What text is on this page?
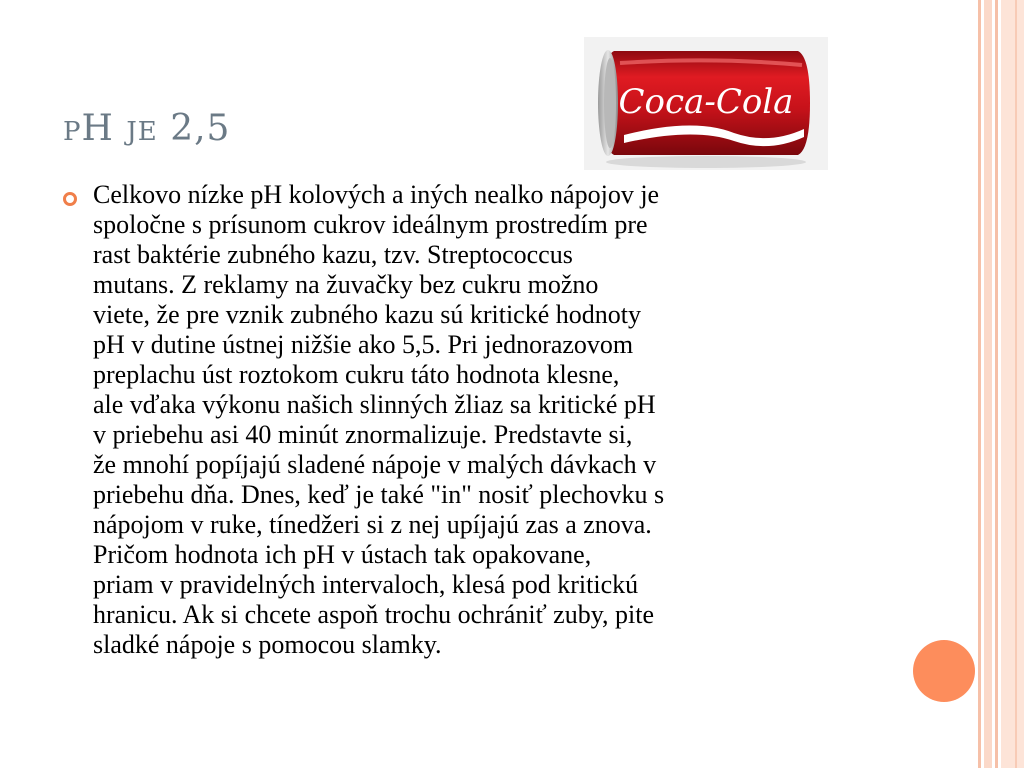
PH JE 2,5
Coca-Cola

Celkovo nízke pH kolových a iných nealko nápojov je
spoločne s prísunom cukrov ideálnym prostredím pre
rast baktérie zubného kazu, tzv. Streptococcus
mutans. Z reklamy na žuvačky bez cukru možno
viete, že pre vznik zubného kazu sú kritické hodnoty
pH v dutine ústnej nižšie ako 5,5. Pri jednorazovom
preplachu úst roztokom cukru táto hodnota klesne,
ale vďaka výkonu našich slinných žliaz sa kritické pH
v priebehu asi 40 minút znormalizuje. Predstavte si,
že mnohí popíjajú sladené nápoje v malých dávkach v
priebehu dňa. Dnes, keď je také "in" nosiť plechovku s
nápojom v ruke, tínedžeri si z nej upíjajú zas a znova.
Pričom hodnota ich pH v ústach tak opakovane,
priam v pravidelných intervaloch, klesá pod kritickú
hranicu. Ak si chcete aspoň trochu ochrániť zuby, pite
sladké nápoje s pomocou slamky.
